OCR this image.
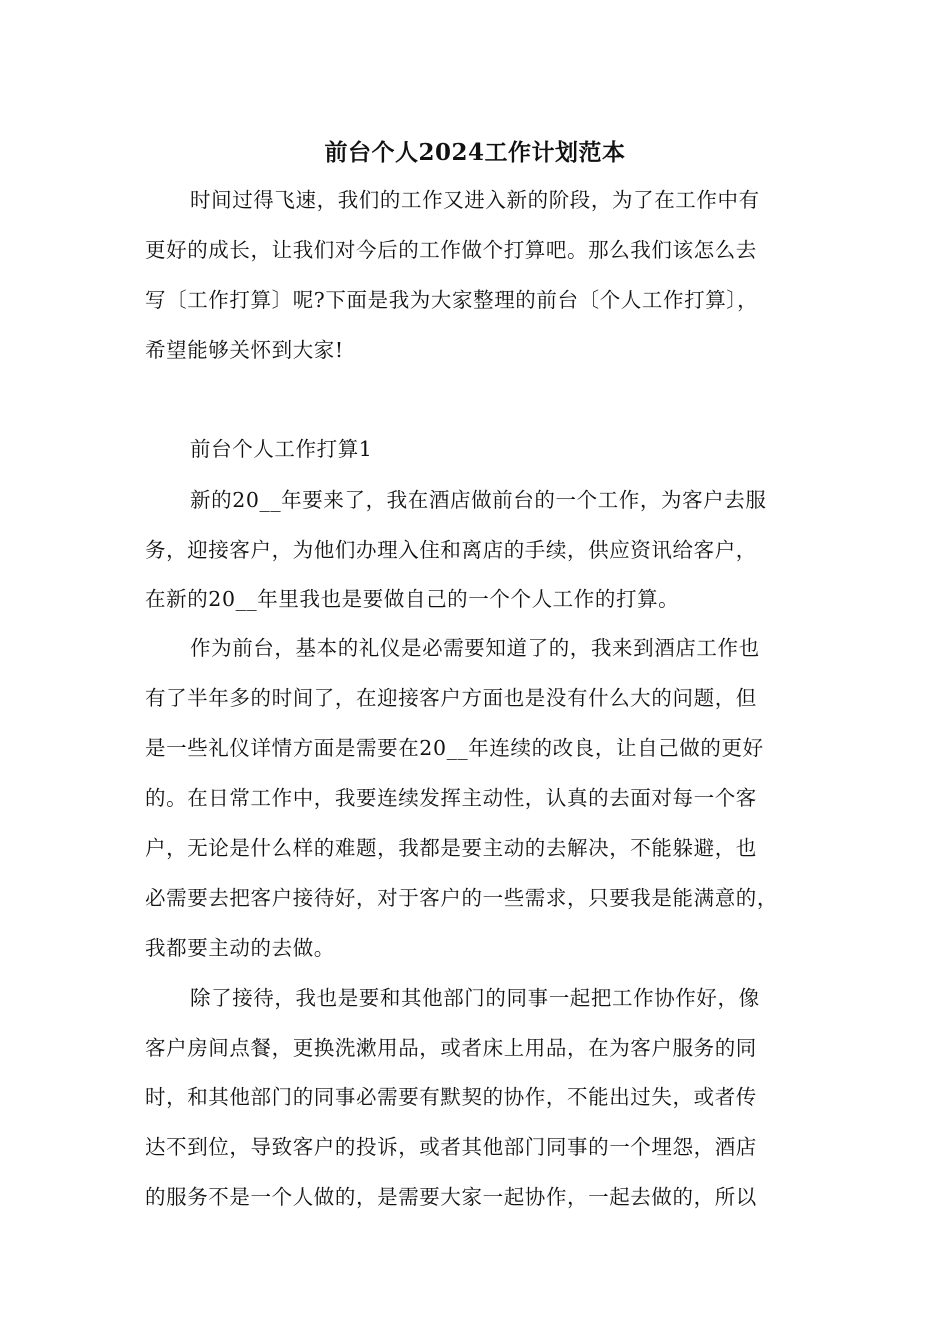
前台个人2024工作计划范本
时间过得飞速，我们的工作又进入新的阶段，为了在工作中有
更好的成长，让我们对今后的工作做个打算吧。那么我们该怎么去
写〔工作打算〕呢?下面是我为大家整理的前台〔个人工作打算〕，
希望能够关怀到大家!
前台个人工作打算1
新的20__年要来了，我在酒店做前台的一个工作，为客户去服
务，迎接客户，为他们办理入住和离店的手续，供应资讯给客户，
在新的20__年里我也是要做自己的一个个人工作的打算。
作为前台，基本的礼仪是必需要知道了的，我来到酒店工作也
有了半年多的时间了，在迎接客户方面也是没有什么大的问题，但
是一些礼仪详情方面是需要在20__年连续的改良，让自己做的更好
的。在日常工作中，我要连续发挥主动性，认真的去面对每一个客
户，无论是什么样的难题，我都是要主动的去解决，不能躲避，也
必需要去把客户接待好，对于客户的一些需求，只要我是能满意的，
我都要主动的去做。
除了接待，我也是要和其他部门的同事一起把工作协作好，像
客户房间点餐，更换洗漱用品，或者床上用品，在为客户服务的同
时，和其他部门的同事必需要有默契的协作，不能出过失，或者传
达不到位，导致客户的投诉，或者其他部门同事的一个埋怨，酒店
的服务不是一个人做的，是需要大家一起协作，一起去做的，所以
